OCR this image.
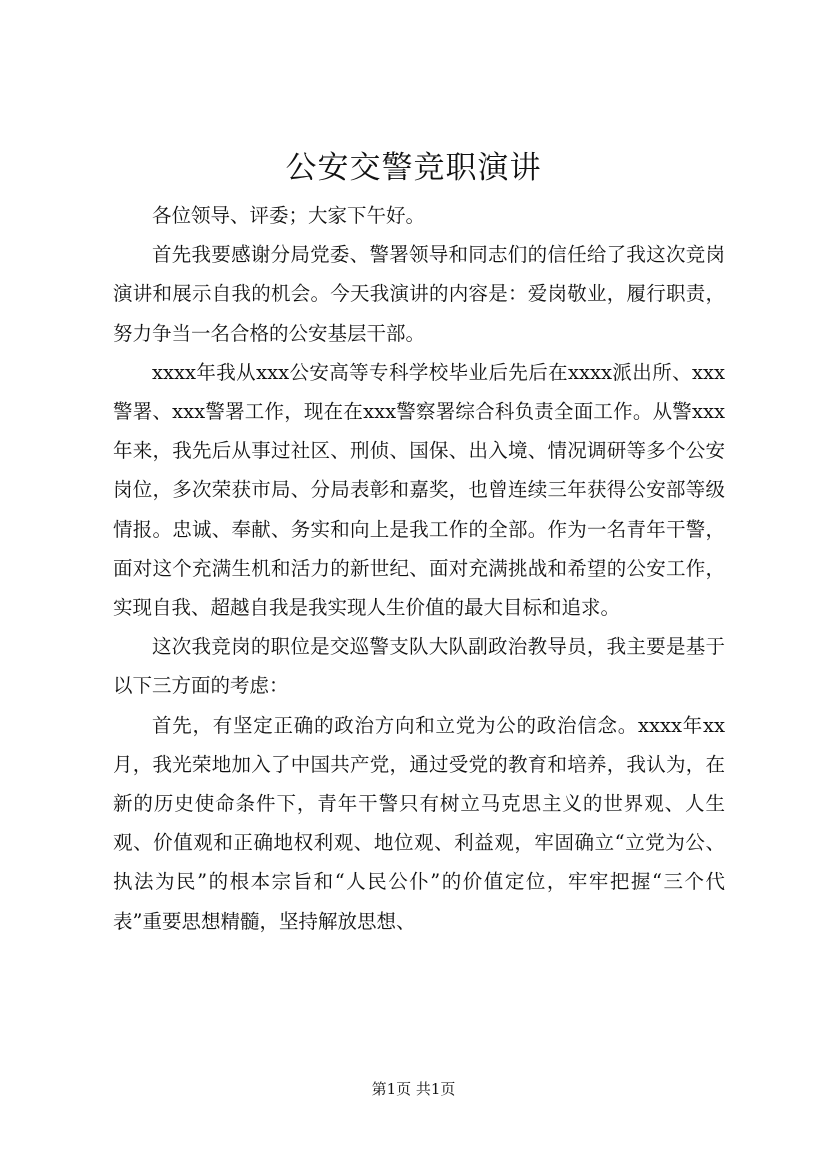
公安交警竞职演讲

各位领导、评委；大家下午好。

首先我要感谢分局党委、警署领导和同志们的信任给了我这次竞岗演讲和展示自我的机会。今天我演讲的内容是：爱岗敬业，履行职责，努力争当一名合格的公安基层干部。

xxxx年我从xxx公安高等专科学校毕业后先后在xxxx派出所、xxx警署、xxx警署工作，现在在xxx警察署综合科负责全面工作。从警xxx年来，我先后从事过社区、刑侦、国保、出入境、情况调研等多个公安岗位，多次荣获市局、分局表彰和嘉奖，也曾连续三年获得公安部等级情报。忠诚、奉献、务实和向上是我工作的全部。作为一名青年干警，面对这个充满生机和活力的新世纪、面对充满挑战和希望的公安工作，实现自我、超越自我是我实现人生价值的最大目标和追求。

这次我竞岗的职位是交巡警支队大队副政治教导员，我主要是基于以下三方面的考虑：

首先，有坚定正确的政治方向和立党为公的政治信念。xxxx年xx月，我光荣地加入了中国共产党，通过受党的教育和培养，我认为，在新的历史使命条件下，青年干警只有树立马克思主义的世界观、人生观、价值观和正确地权利观、地位观、利益观，牢固确立“立党为公、执法为民”的根本宗旨和“人民公仆”的价值定位，牢牢把握“三个代表”重要思想精髓，坚持解放思想、

第1页 共1页
